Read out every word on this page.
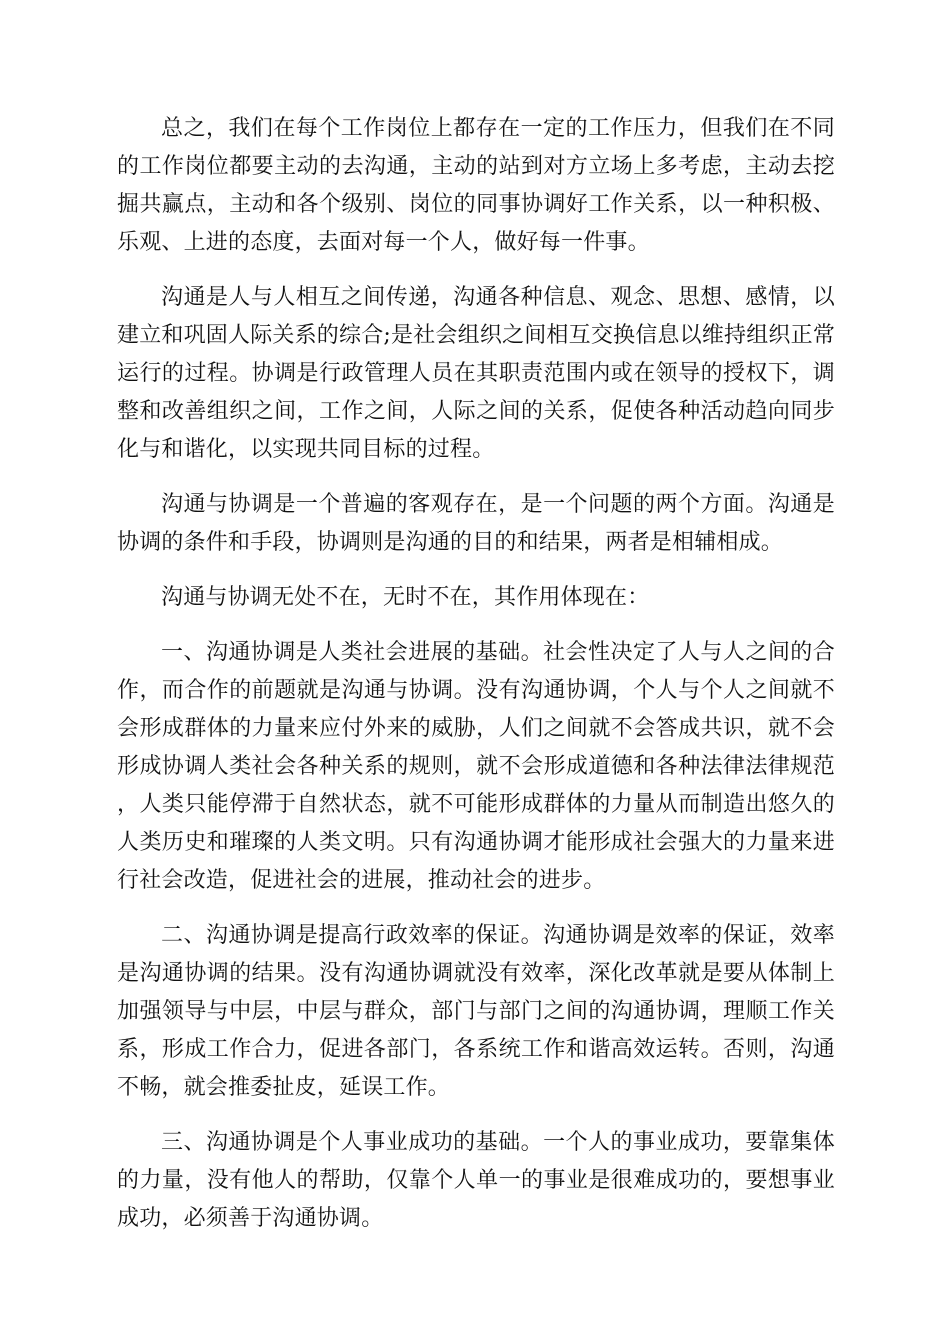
总之，我们在每个工作岗位上都存在一定的工作压力，但我们在不同的工作岗位都要主动的去沟通，主动的站到对方立场上多考虑，主动去挖掘共赢点，主动和各个级别、岗位的同事协调好工作关系，以一种积极、乐观、上进的态度，去面对每一个人，做好每一件事。

沟通是人与人相互之间传递，沟通各种信息、观念、思想、感情，以建立和巩固人际关系的综合;是社会组织之间相互交换信息以维持组织正常运行的过程。协调是行政管理人员在其职责范围内或在领导的授权下，调整和改善组织之间，工作之间，人际之间的关系，促使各种活动趋向同步化与和谐化，以实现共同目标的过程。

沟通与协调是一个普遍的客观存在，是一个问题的两个方面。沟通是协调的条件和手段，协调则是沟通的目的和结果，两者是相辅相成。

沟通与协调无处不在，无时不在，其作用体现在：

一、沟通协调是人类社会进展的基础。社会性决定了人与人之间的合作，而合作的前题就是沟通与协调。没有沟通协调，个人与个人之间就不会形成群体的力量来应付外来的威胁，人们之间就不会答成共识，就不会形成协调人类社会各种关系的规则，就不会形成道德和各种法律法律规范，人类只能停滞于自然状态，就不可能形成群体的力量从而制造出悠久的人类历史和璀璨的人类文明。只有沟通协调才能形成社会强大的力量来进行社会改造，促进社会的进展，推动社会的进步。

二、沟通协调是提高行政效率的保证。沟通协调是效率的保证，效率是沟通协调的结果。没有沟通协调就没有效率，深化改革就是要从体制上加强领导与中层，中层与群众，部门与部门之间的沟通协调，理顺工作关系，形成工作合力，促进各部门，各系统工作和谐高效运转。否则，沟通不畅，就会推委扯皮，延误工作。

三、沟通协调是个人事业成功的基础。一个人的事业成功，要靠集体的力量，没有他人的帮助，仅靠个人单一的事业是很难成功的，要想事业成功，必须善于沟通协调。
